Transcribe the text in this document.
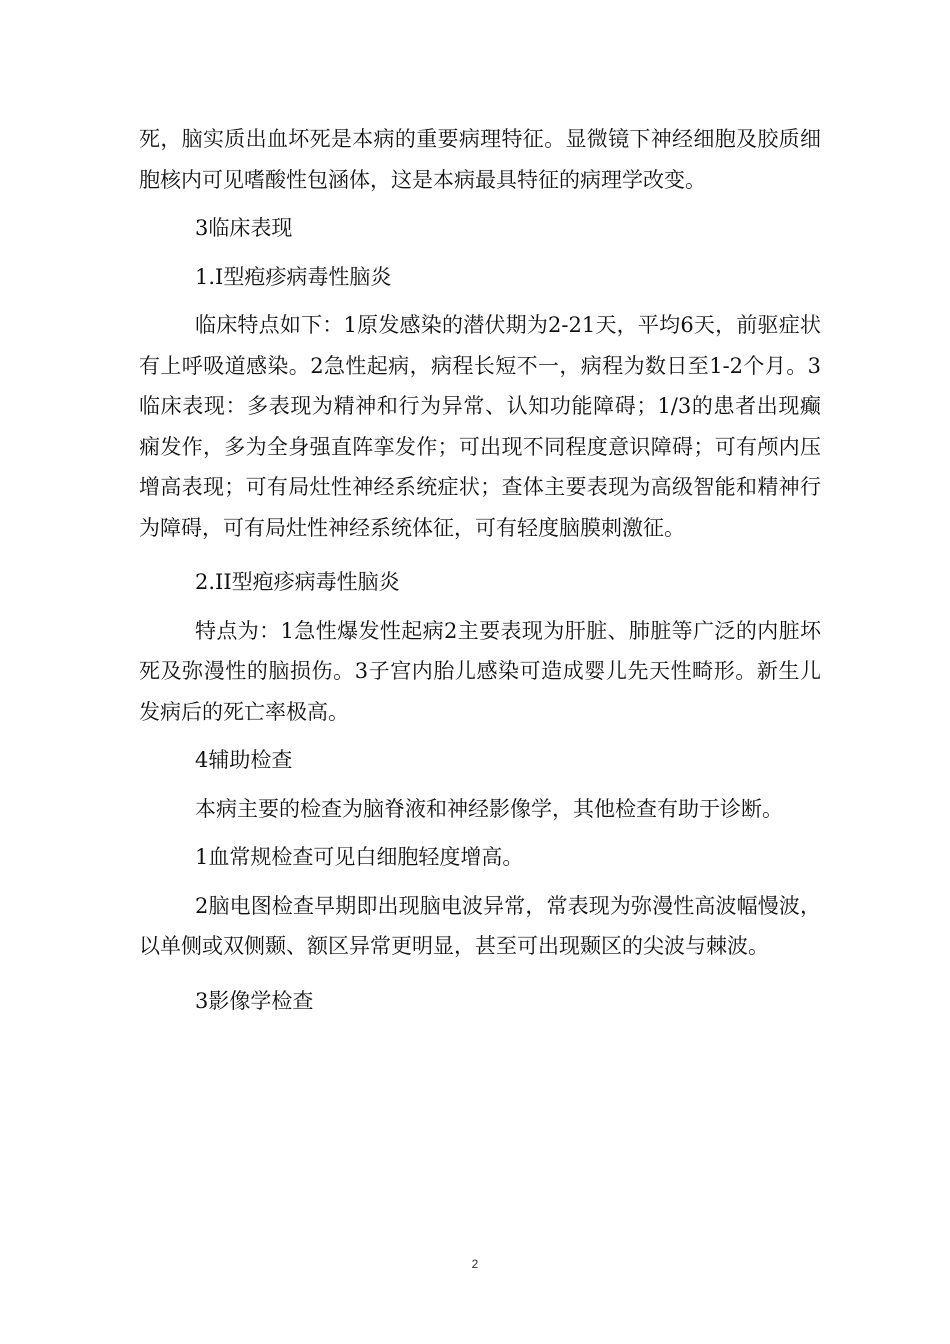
死，脑实质出血坏死是本病的重要病理特征。显微镜下神经细胞及胶质细胞核内可见嗜酸性包涵体，这是本病最具特征的病理学改变。

3临床表现

1.I型疱疹病毒性脑炎

临床特点如下：1原发感染的潜伏期为2-21天，平均6天，前驱症状有上呼吸道感染。2急性起病，病程长短不一，病程为数日至1-2个月。3临床表现：多表现为精神和行为异常、认知功能障碍；1/3的患者出现癫痫发作，多为全身强直阵挛发作；可出现不同程度意识障碍；可有颅内压增高表现；可有局灶性神经系统症状；查体主要表现为高级智能和精神行为障碍，可有局灶性神经系统体征，可有轻度脑膜刺激征。

2.II型疱疹病毒性脑炎

特点为：1急性爆发性起病2主要表现为肝脏、肺脏等广泛的内脏坏死及弥漫性的脑损伤。3子宫内胎儿感染可造成婴儿先天性畸形。新生儿发病后的死亡率极高。

4辅助检查

本病主要的检查为脑脊液和神经影像学，其他检查有助于诊断。

1血常规检查可见白细胞轻度增高。

2脑电图检查早期即出现脑电波异常，常表现为弥漫性高波幅慢波，以单侧或双侧颞、额区异常更明显，甚至可出现颞区的尖波与棘波。

3影像学检查

2
